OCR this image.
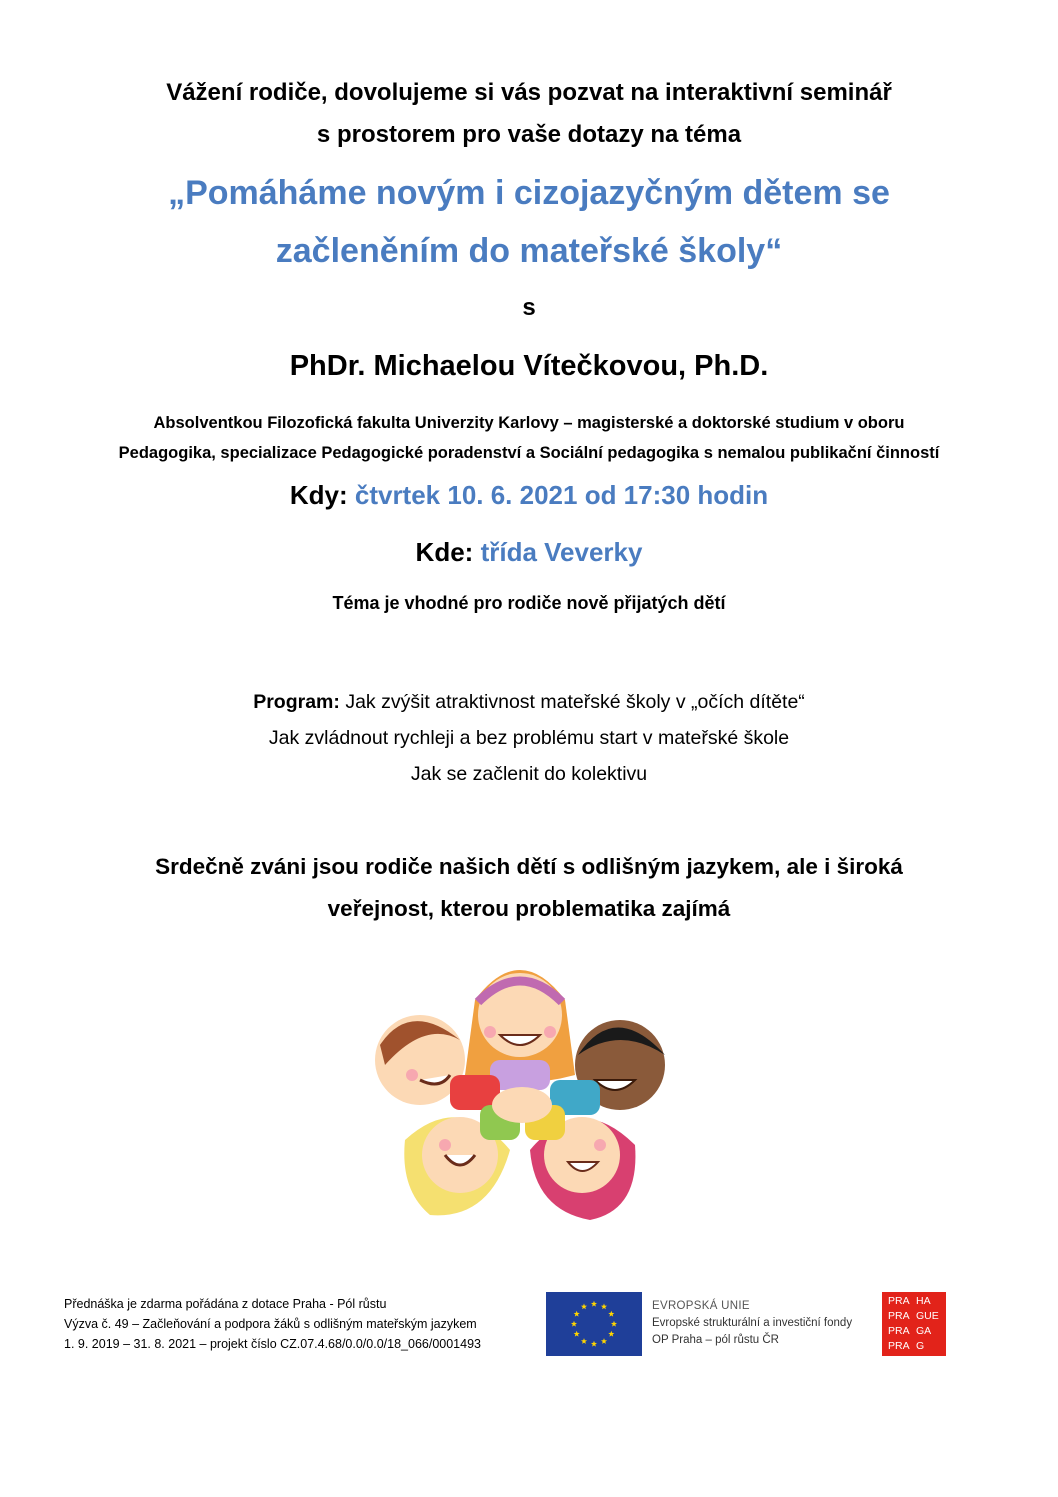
Vážení rodiče, dovolujeme si vás pozvat na interaktivní seminář
s prostorem pro vaše dotazy na téma
„Pomáháme novým i cizojazyčným dětem se
začleněním do mateřské školy“
s
PhDr. Michaelou Vítečkovou, Ph.D.
Absolventkou Filozofická fakulta Univerzity Karlovy – magisterské a doktorské studium v oboru
Pedagogika, specializace Pedagogické poradenství a Sociální pedagogika s nemalou publikační činností
Kdy: čtvrtek 10. 6. 2021 od 17:30 hodin
Kde: třída Veverky
Téma je vhodné pro rodiče nově přijatých dětí
Program: Jak zvýšit atraktivnost mateřské školy v „očích dítěte“
Jak zvládnout rychleji a bez problému start v mateřské škole
Jak se začlenit do kolektivu
Srdečně zváni jsou rodiče našich dětí s odlišným jazykem, ale i široká
veřejnost, kterou problematika zajímá
Přednáška je zdarma pořádána z dotace Praha - Pól růstu
Výzva č. 49 – Začleňování a podpora žáků s odlišným mateřským jazykem
1. 9. 2019 – 31. 8. 2021 – projekt číslo CZ.07.4.68/0.0/0.0/18_066/0001493
EVROPSKÁ UNIE
Evropské strukturální a investiční fondy
OP Praha – pól růstu ČR
PRA HA
PRA GUE
PRA GA
PRA G
